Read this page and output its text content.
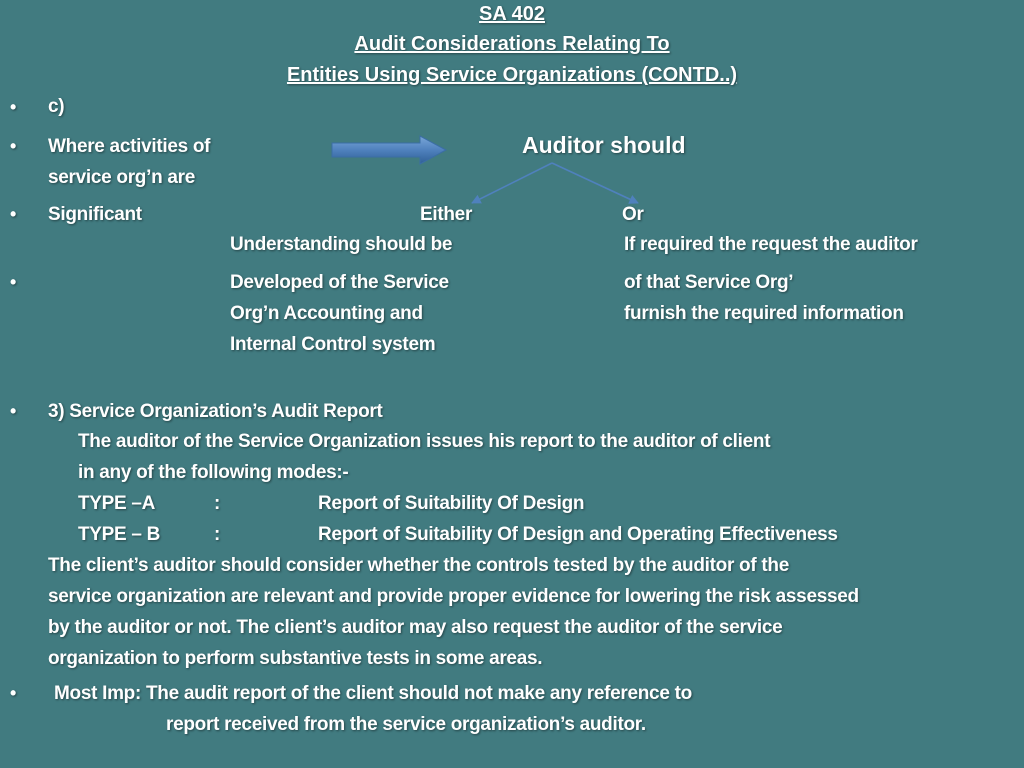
SA 402
Audit Considerations Relating To
Entities Using Service Organizations (CONTD..)
•
•
•
•
•
•
c)
Where activities of
service org’n are
Auditor should
Significant	Either	Or
Understanding should be
Developed of the Service
Org’n Accounting and
Internal Control system
If required the request the auditor
of that Service Org’
furnish the required information
3) Service Organization’s Audit Report
The auditor of the Service Organization issues his report to the auditor of client
in any of the following modes:-
TYPE –A	:	Report of Suitability Of Design
TYPE – B	:	Report of Suitability Of Design and Operating Effectiveness
The client’s auditor should consider whether the controls tested by the auditor of the
service organization are relevant and provide proper evidence for lowering the risk assessed
by the auditor or not. The client’s auditor may also request the auditor of the service
organization to perform substantive tests in some areas.
Most Imp: The audit report of the client should not make any reference to
report received from the service organization’s auditor.
